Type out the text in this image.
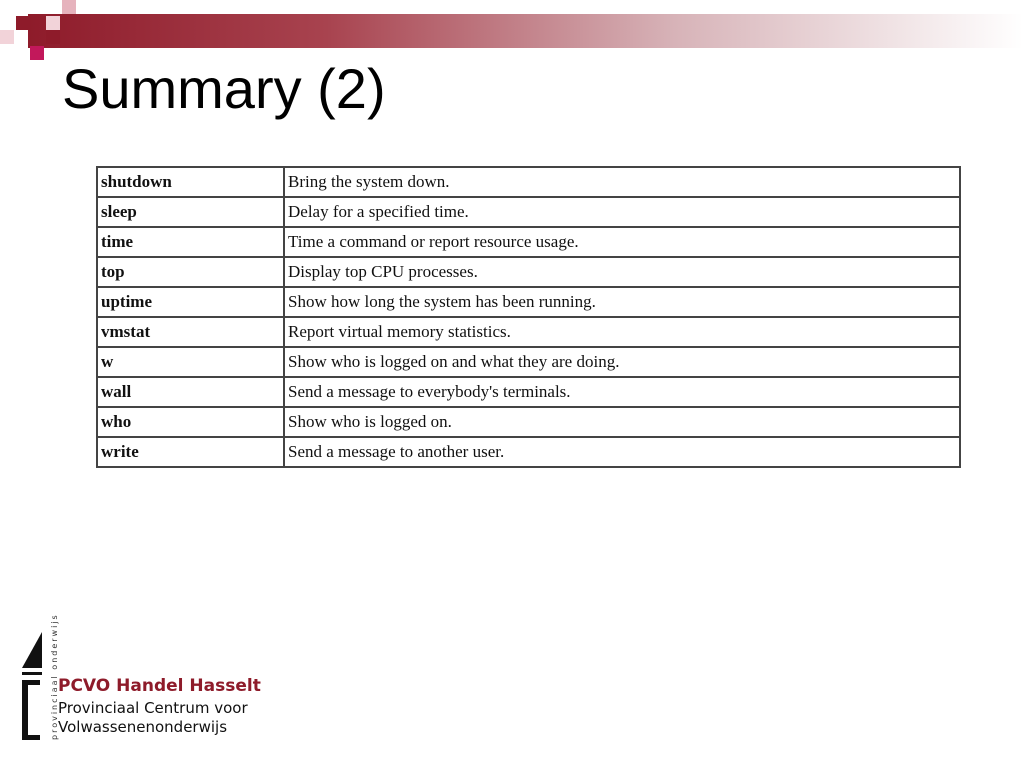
Summary (2)
shutdown	Bring the system down.
sleep	Delay for a specified time.
time	Time a command or report resource usage.
top	Display top CPU processes.
uptime	Show how long the system has been running.
vmstat	Report virtual memory statistics.
w	Show who is logged on and what they are doing.
wall	Send a message to everybody's terminals.
who	Show who is logged on.
write	Send a message to another user.
provinciaal onderwijs PCVO Handel Hasselt
Provinciaal Centrum voor
Volwassenenonderwijs
